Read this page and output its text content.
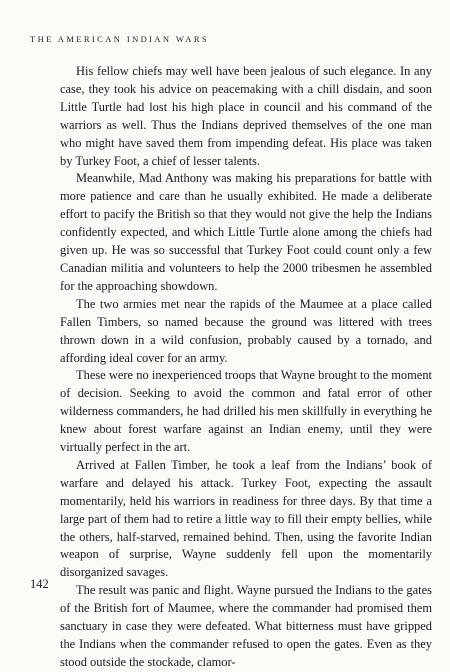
THE AMERICAN INDIAN WARS

His fellow chiefs may well have been jealous of such elegance. In any case, they took his advice on peacemaking with a chill disdain, and soon Little Turtle had lost his high place in council and his command of the warriors as well. Thus the Indians deprived themselves of the one man who might have saved them from impending defeat. His place was taken by Turkey Foot, a chief of lesser talents.

Meanwhile, Mad Anthony was making his preparations for battle with more patience and care than he usually exhibited. He made a deliberate effort to pacify the British so that they would not give the help the Indians confidently expected, and which Little Turtle alone among the chiefs had given up. He was so successful that Turkey Foot could count only a few Canadian militia and volunteers to help the 2000 tribesmen he assembled for the approaching showdown.

The two armies met near the rapids of the Maumee at a place called Fallen Timbers, so named because the ground was littered with trees thrown down in a wild confusion, probably caused by a tornado, and affording ideal cover for an army.

These were no inexperienced troops that Wayne brought to the moment of decision. Seeking to avoid the common and fatal error of other wilderness commanders, he had drilled his men skillfully in everything he knew about forest warfare against an Indian enemy, until they were virtually perfect in the art.

Arrived at Fallen Timber, he took a leaf from the Indians’ book of warfare and delayed his attack. Turkey Foot, expecting the assault momentarily, held his warriors in readiness for three days. By that time a large part of them had to retire a little way to fill their empty bellies, while the others, half-starved, remained behind. Then, using the favorite Indian weapon of surprise, Wayne suddenly fell upon the momentarily disorganized savages.

The result was panic and flight. Wayne pursued the Indians to the gates of the British fort of Maumee, where the commander had promised them sanctuary in case they were defeated. What bitterness must have gripped the Indians when the commander refused to open the gates. Even as they stood outside the stockade, clamor-

142
